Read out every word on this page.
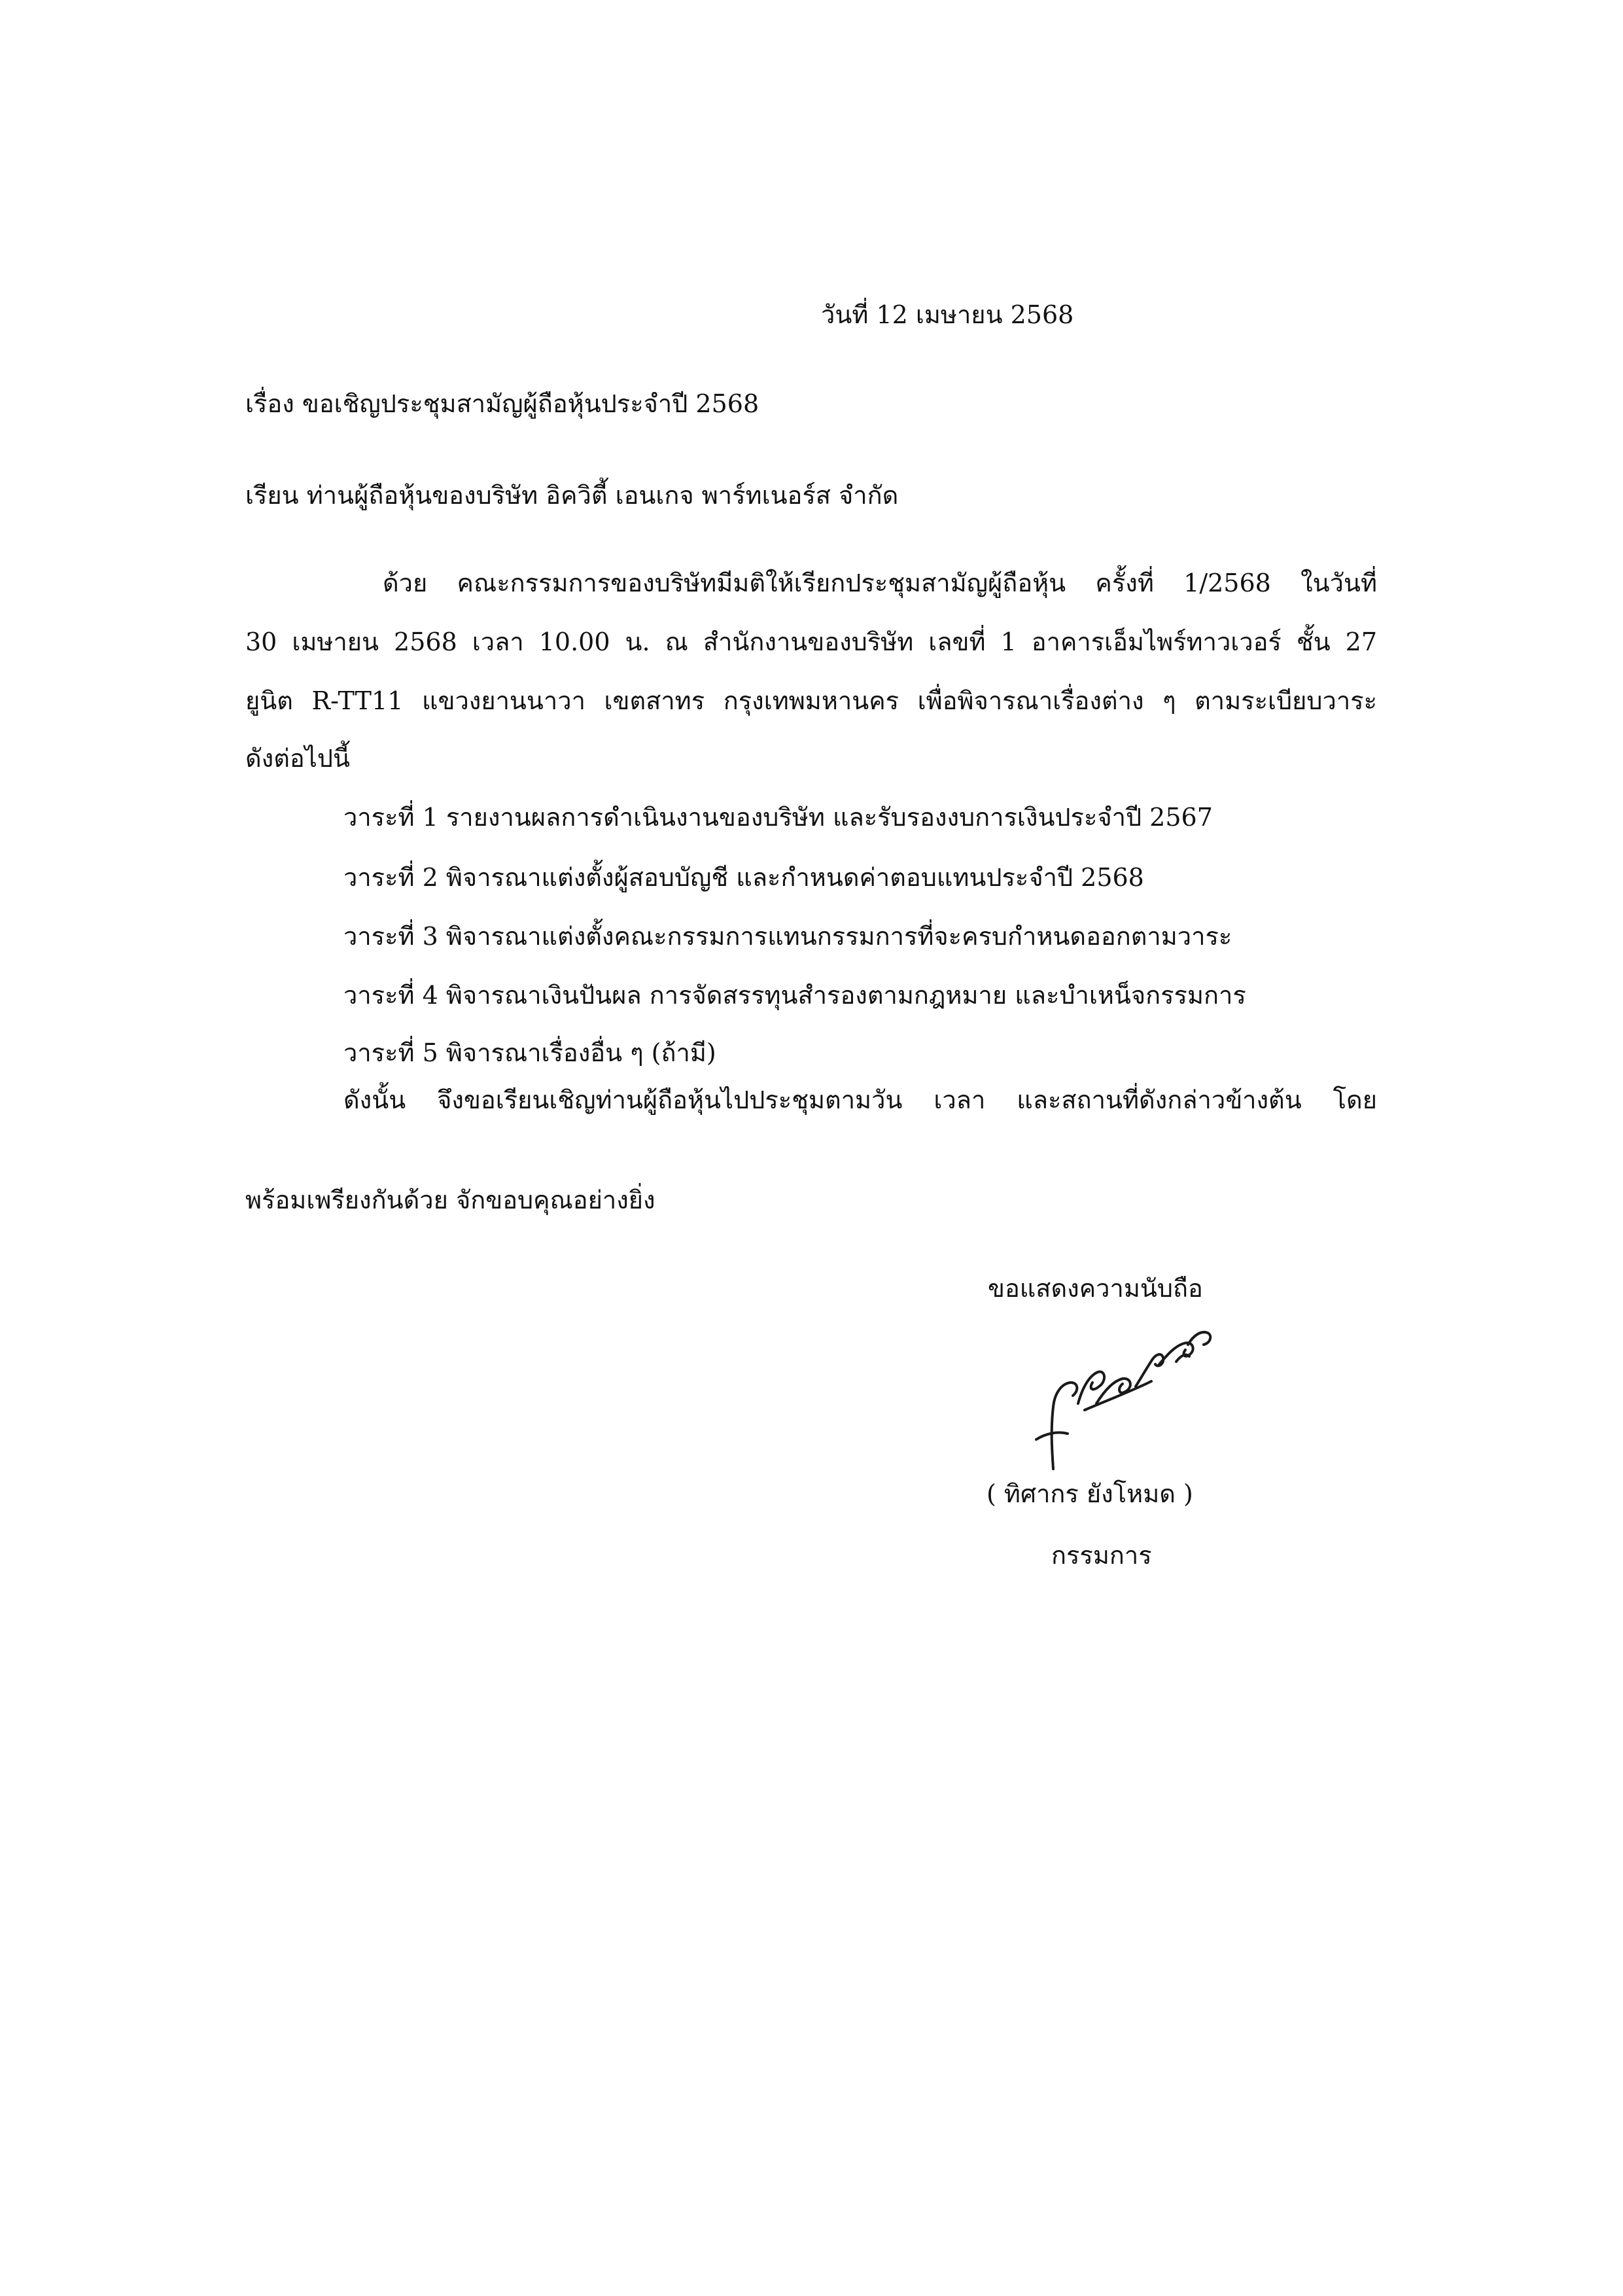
วันที่ 12 เมษายน 2568
เรื่อง ขอเชิญประชุมสามัญผู้ถือหุ้นประจำปี 2568
เรียน ท่านผู้ถือหุ้นของบริษัท อิควิตี้ เอนเกจ พาร์ทเนอร์ส จำกัด
ด้วย คณะกรรมการของบริษัทมีมติให้เรียกประชุมสามัญผู้ถือหุ้น ครั้งที่ 1/2568 ในวันที่
30 เมษายน 2568 เวลา 10.00 น. ณ สำนักงานของบริษัท เลขที่ 1 อาคารเอ็มไพร์ทาวเวอร์ ชั้น 27
ยูนิต R-TT11 แขวงยานนาวา เขตสาทร กรุงเทพมหานคร เพื่อพิจารณาเรื่องต่าง ๆ ตามระเบียบวาระ
ดังต่อไปนี้
วาระที่ 1 รายงานผลการดำเนินงานของบริษัท และรับรองงบการเงินประจำปี 2567
วาระที่ 2 พิจารณาแต่งตั้งผู้สอบบัญชี และกำหนดค่าตอบแทนประจำปี 2568
วาระที่ 3 พิจารณาแต่งตั้งคณะกรรมการแทนกรรมการที่จะครบกำหนดออกตามวาระ
วาระที่ 4 พิจารณาเงินปันผล การจัดสรรทุนสำรองตามกฎหมาย และบำเหน็จกรรมการ
วาระที่ 5 พิจารณาเรื่องอื่น ๆ (ถ้ามี)
ดังนั้น จึงขอเรียนเชิญท่านผู้ถือหุ้นไปประชุมตามวัน เวลา และสถานที่ดังกล่าวข้างต้น โดย
พร้อมเพรียงกันด้วย จักขอบคุณอย่างยิ่ง
ขอแสดงความนับถือ
( ทิศากร ยังโหมด )
กรรมการ
